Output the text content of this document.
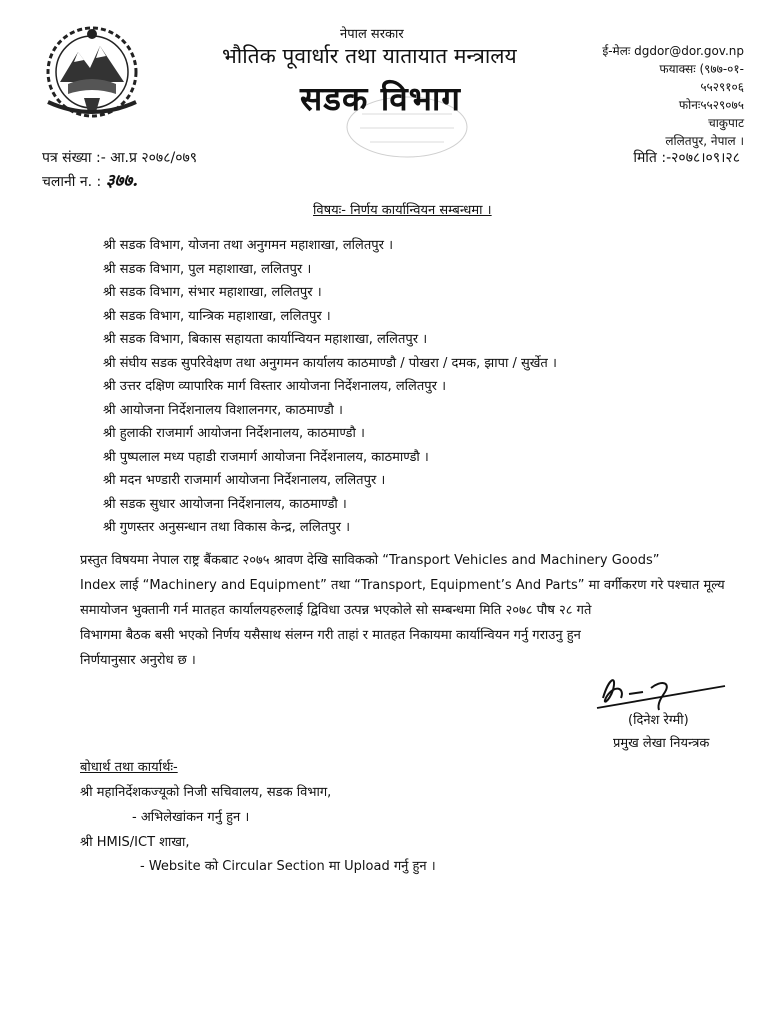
नेपाल सरकार
भौतिक पूवार्धार तथा यातायात मन्त्रालय
सडक विभाग
ई-मेलः dgdor@dor.gov.np
फयाक्सः (९७७-०१-
५५२९१०६
फोनः५५२९०७५
चाकुपाट
ललितपुर, नेपाल ।
पत्र संख्या :- आ.प्र २०७८/०७९
चलानी न. : ३७७.
मिति :-२०७८।०९।२८
विषयः- निर्णय कार्यान्वियन सम्बन्धमा ।
श्री सडक विभाग, योजना तथा अनुगमन महाशाखा, ललितपुर ।
श्री सडक विभाग, पुल महाशाखा, ललितपुर ।
श्री सडक विभाग, संभार महाशाखा, ललितपुर ।
श्री सडक विभाग, यान्त्रिक महाशाखा, ललितपुर ।
श्री सडक विभाग, बिकास सहायता कार्यान्वियन महाशाखा, ललितपुर ।
श्री संघीय सडक सुपरिवेक्षण तथा अनुगमन कार्यालय काठमाण्डौ / पोखरा / दमक, झापा / सुर्खेत ।
श्री उत्तर दक्षिण व्यापारिक मार्ग विस्तार आयोजना निर्देशनालय, ललितपुर ।
श्री आयोजना निर्देशनालय विशालनगर, काठमाण्डौ ।
श्री हुलाकी राजमार्ग आयोजना निर्देशनालय, काठमाण्डौ ।
श्री पुष्पलाल मध्य पहाडी राजमार्ग आयोजना निर्देशनालय, काठमाण्डौ ।
श्री मदन भण्डारी राजमार्ग आयोजना निर्देशनालय, ललितपुर ।
श्री सडक सुधार आयोजना निर्देशनालय, काठमाण्डौ ।
श्री गुणस्तर अनुसन्धान तथा विकास केन्द्र, ललितपुर ।
प्रस्तुत विषयमा नेपाल राष्ट्र बैंकबाट २०७५ श्रावण देखि साविकको “Transport Vehicles and Machinery Goods”
Index लाई “Machinery and Equipment” तथा “Transport, Equipment’s And Parts” मा वर्गीकरण गरे पश्चात मूल्य
समायोजन भुक्तानी गर्न मातहत कार्यालयहरुलाई द्विविधा उत्पन्न भएकोले सो सम्बन्धमा मिति २०७८ पौष २८ गते
विभागमा बैठक बसी भएको निर्णय यसैसाथ संलग्न गरी ताहां र मातहत निकायमा कार्यान्वियन गर्नु गराउनु हुन
निर्णयानुसार अनुरोध छ ।
(दिनेश रेग्मी)
प्रमुख लेखा नियन्त्रक
बोधार्थ तथा कार्यार्थः-
श्री महानिर्देशकज्यूको निजी सचिवालय, सडक विभाग,
- अभिलेखांकन गर्नु हुन ।
श्री HMIS/ICT शाखा,
- Website को Circular Section मा Upload गर्नु हुन ।
